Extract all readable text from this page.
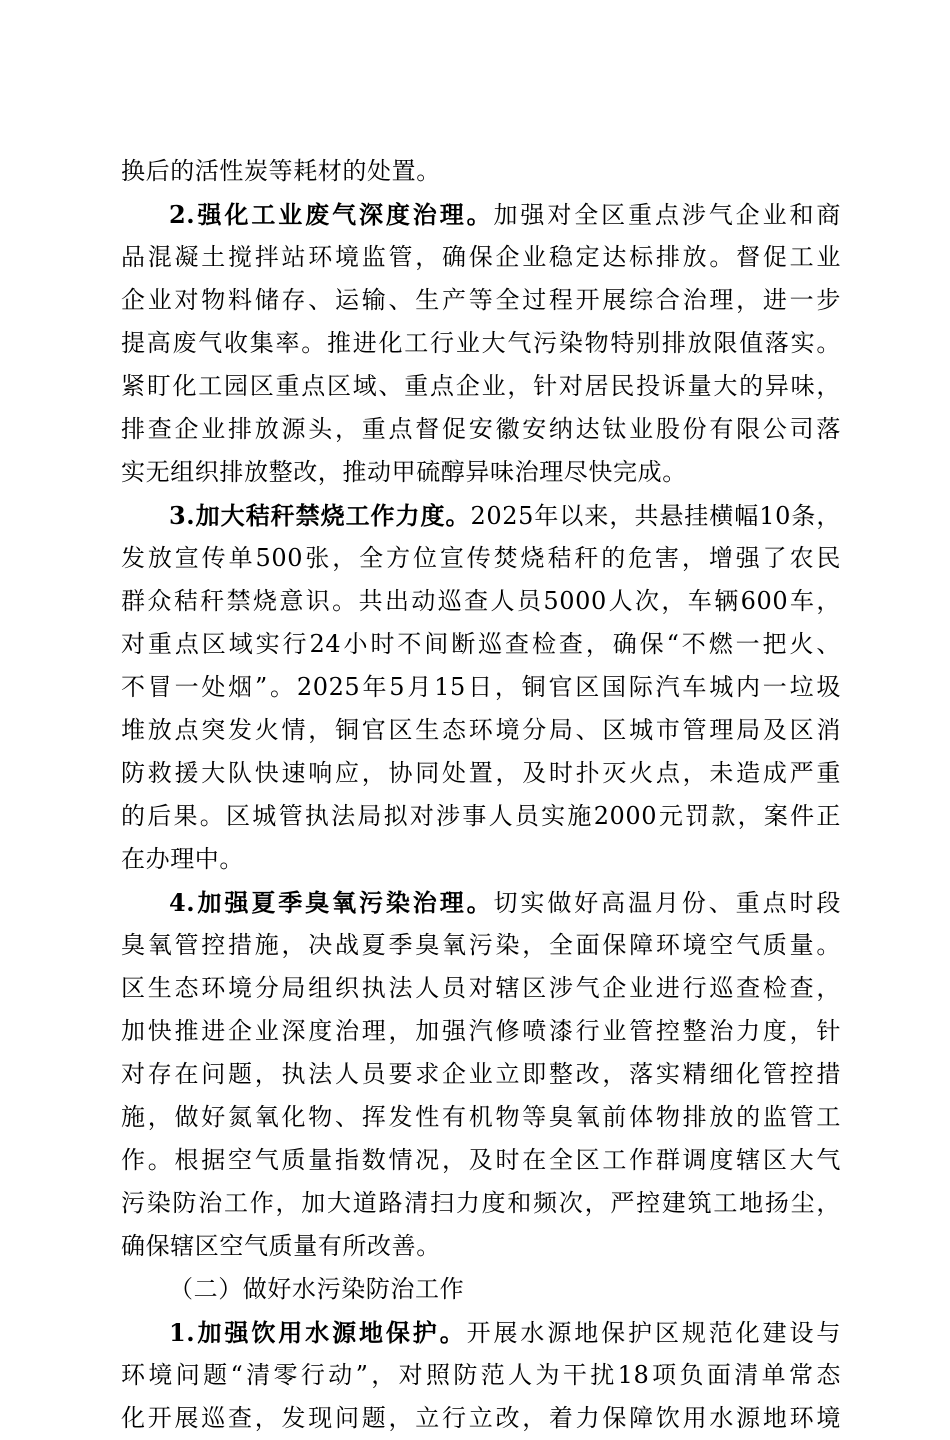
换后的活性炭等耗材的处置。
2.强化工业废气深度治理。加强对全区重点涉气企业和商
品混凝土搅拌站环境监管，确保企业稳定达标排放。督促工业
企业对物料储存、运输、生产等全过程开展综合治理，进一步
提高废气收集率。推进化工行业大气污染物特别排放限值落实。
紧盯化工园区重点区域、重点企业，针对居民投诉量大的异味，
排查企业排放源头，重点督促安徽安纳达钛业股份有限公司落
实无组织排放整改，推动甲硫醇异味治理尽快完成。
3.加大秸秆禁烧工作力度。2025年以来，共悬挂横幅10条，
发放宣传单500张，全方位宣传焚烧秸秆的危害，增强了农民
群众秸秆禁烧意识。共出动巡查人员5000人次，车辆600车，
对重点区域实行24小时不间断巡查检查，确保“不燃一把火、
不冒一处烟”。2025年5月15日，铜官区国际汽车城内一垃圾
堆放点突发火情，铜官区生态环境分局、区城市管理局及区消
防救援大队快速响应，协同处置，及时扑灭火点，未造成严重
的后果。区城管执法局拟对涉事人员实施2000元罚款，案件正
在办理中。
4.加强夏季臭氧污染治理。切实做好高温月份、重点时段
臭氧管控措施，决战夏季臭氧污染，全面保障环境空气质量。
区生态环境分局组织执法人员对辖区涉气企业进行巡查检查，
加快推进企业深度治理，加强汽修喷漆行业管控整治力度，针
对存在问题，执法人员要求企业立即整改，落实精细化管控措
施，做好氮氧化物、挥发性有机物等臭氧前体物排放的监管工
作。根据空气质量指数情况，及时在全区工作群调度辖区大气
污染防治工作，加大道路清扫力度和频次，严控建筑工地扬尘，
确保辖区空气质量有所改善。
（二）做好水污染防治工作
1.加强饮用水源地保护。开展水源地保护区规范化建设与
环境问题“清零行动”，对照防范人为干扰18项负面清单常态
化开展巡查，发现问题，立行立改，着力保障饮用水源地环境
